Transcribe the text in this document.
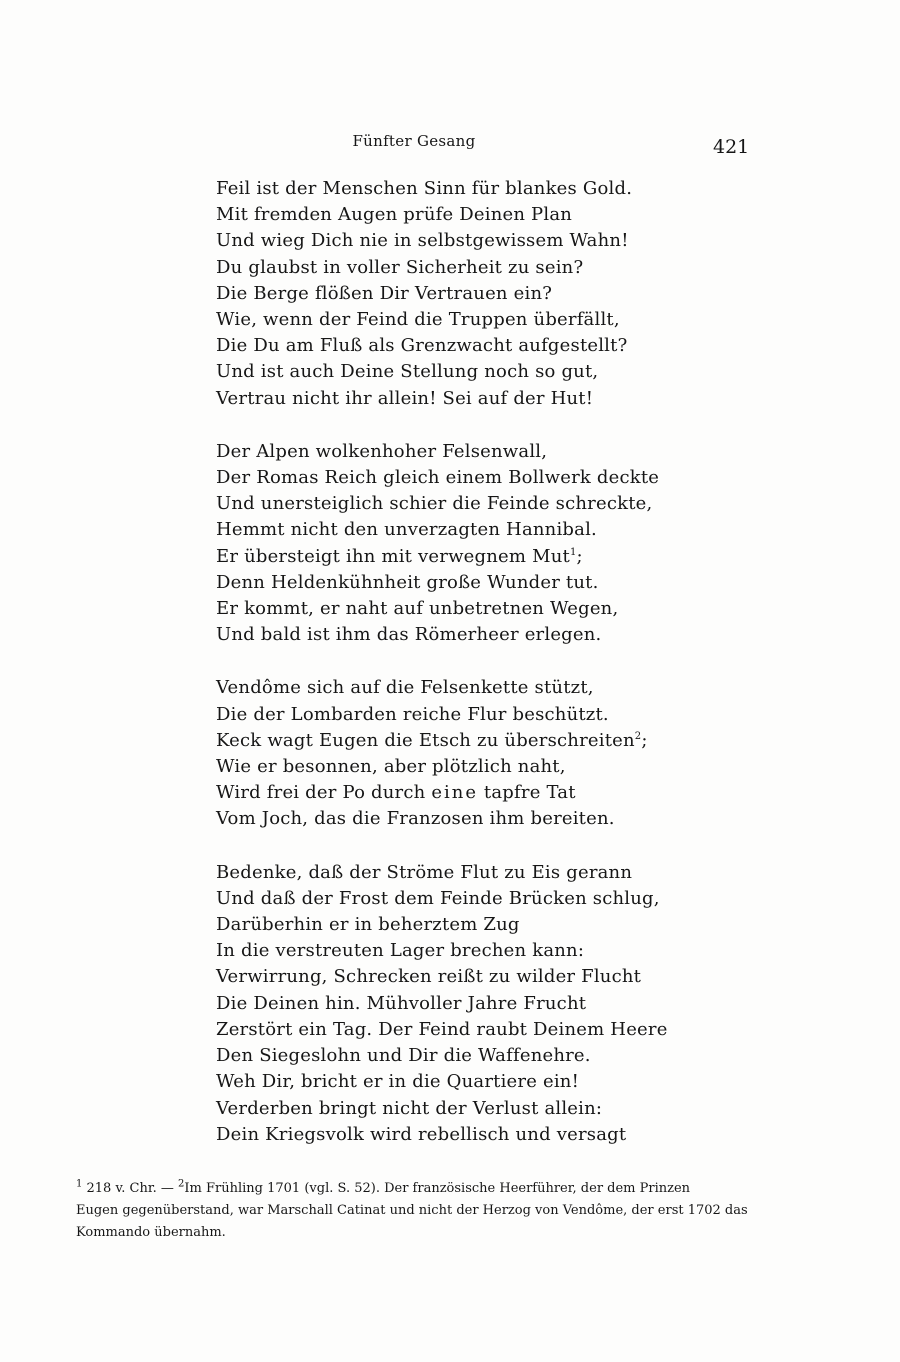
Fünfter Gesang	421
Feil ist der Menschen Sinn für blankes Gold.
Mit fremden Augen prüfe Deinen Plan
Und wieg Dich nie in selbstgewissem Wahn!
Du glaubst in voller Sicherheit zu sein?
Die Berge flößen Dir Vertrauen ein?
Wie, wenn der Feind die Truppen überfällt,
Die Du am Fluß als Grenzwacht aufgestellt?
Und ist auch Deine Stellung noch so gut,
Vertrau nicht ihr allein! Sei auf der Hut!
Der Alpen wolkenhoher Felsenwall,
Der Romas Reich gleich einem Bollwerk deckte
Und unersteiglich schier die Feinde schreckte,
Hemmt nicht den unverzagten Hannibal.
Er übersteigt ihn mit verwegnem Mut$^1$;
Denn Heldenkühnheit große Wunder tut.
Er kommt, er naht auf unbetretnen Wegen,
Und bald ist ihm das Römerheer erlegen.
Vendôme sich auf die Felsenkette stützt,
Die der Lombarden reiche Flur beschützt.
Keck wagt Eugen die Etsch zu überschreiten$^2$;
Wie er besonnen, aber plötzlich naht,
Wird frei der Po durch eine tapfre Tat
Vom Joch, das die Franzosen ihm bereiten.
Bedenke, daß der Ströme Flut zu Eis gerann
Und daß der Frost dem Feinde Brücken schlug,
Darüberhin er in beherztem Zug
In die verstreuten Lager brechen kann:
Verwirrung, Schrecken reißt zu wilder Flucht
Die Deinen hin. Mühvoller Jahre Frucht
Zerstört ein Tag. Der Feind raubt Deinem Heere
Den Siegeslohn und Dir die Waffenehre.
Weh Dir, bricht er in die Quartiere ein!
Verderben bringt nicht der Verlust allein:
Dein Kriegsvolk wird rebellisch und versagt
$^1$ 218 v. Chr. — $^2$Im Frühling 1701 (vgl. S. 52). Der französische Heerführer, der dem Prinzen
Eugen gegenüberstand, war Marschall Catinat und nicht der Herzog von Vendôme, der erst 1702 das
Kommando übernahm.
